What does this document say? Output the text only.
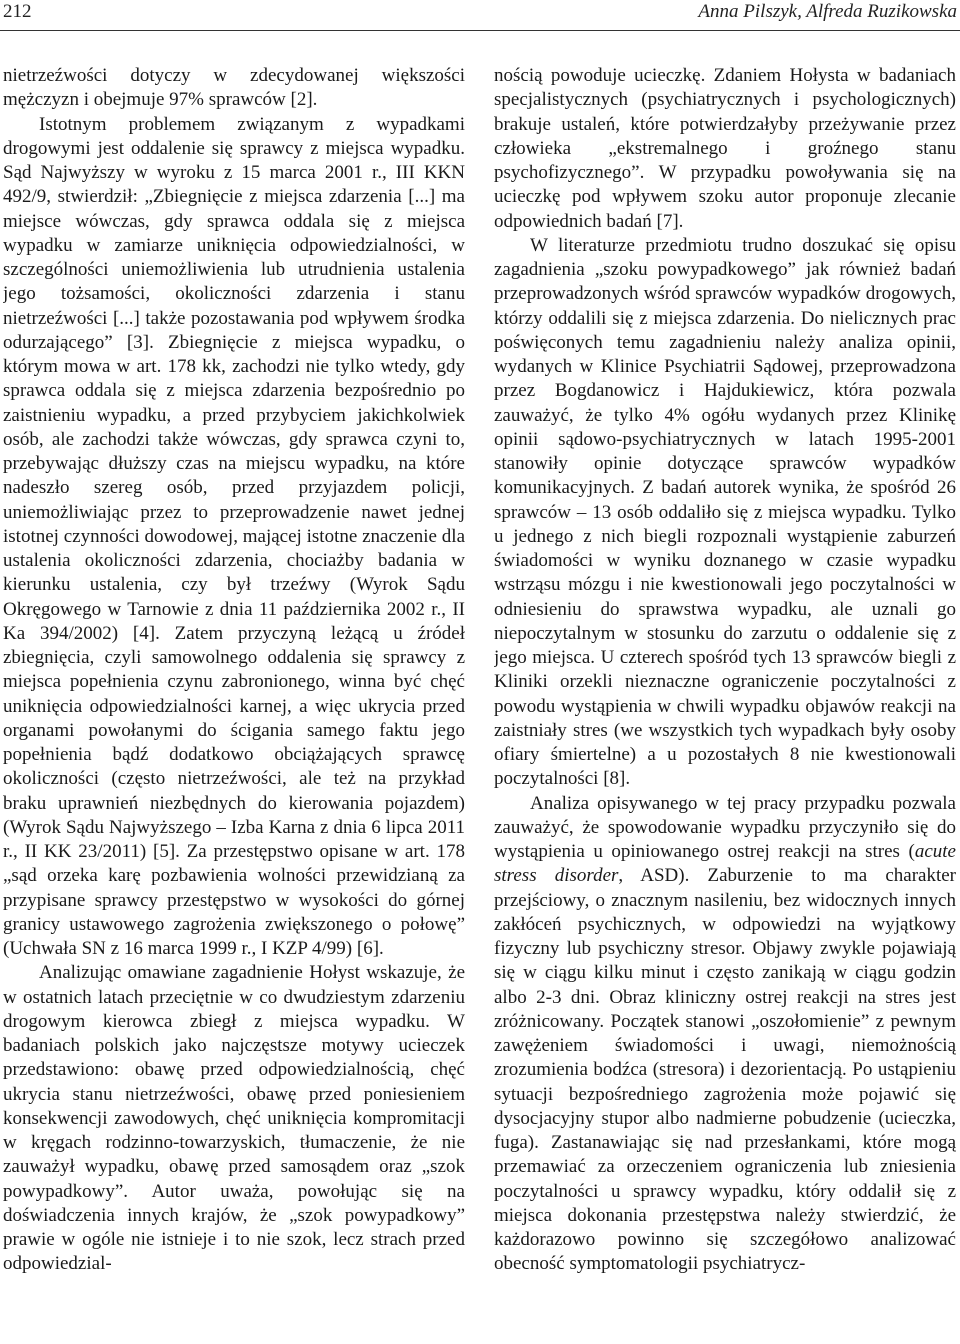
212	Anna Pilszyk, Alfreda Ruzikowska

nietrzeźwości dotyczy w zdecydowanej większości mężczyzn i obejmuje 97% sprawców [2].

Istotnym problemem związanym z wypadkami drogowymi jest oddalenie się sprawcy z miejsca wypadku. Sąd Najwyższy w wyroku z 15 marca 2001 r., III KKN 492/9, stwierdził: „Zbiegnięcie z miejsca zdarzenia [...] ma miejsce wówczas, gdy sprawca oddala się z miejsca wypadku w zamiarze uniknięcia odpowiedzialności, w szczególności uniemożliwienia lub utrudnienia ustalenia jego tożsamości, okoliczności zdarzenia i stanu nietrzeźwości [...] także pozostawania pod wpływem środka odurzającego” [3]. Zbiegnięcie z miejsca wypadku, o którym mowa w art. 178 kk, zachodzi nie tylko wtedy, gdy sprawca oddala się z miejsca zdarzenia bezpośrednio po zaistnieniu wypadku, a przed przybyciem jakichkolwiek osób, ale zachodzi także wówczas, gdy sprawca czyni to, przebywając dłuższy czas na miejscu wypadku, na które nadeszło szereg osób, przed przyjazdem policji, uniemożliwiając przez to przeprowadzenie nawet jednej istotnej czynności dowodowej, mającej istotne znaczenie dla ustalenia okoliczności zdarzenia, chociażby badania w kierunku ustalenia, czy był trzeźwy (Wyrok Sądu Okręgowego w Tarnowie z dnia 11 października 2002 r., II Ka 394/2002) [4]. Zatem przyczyną leżącą u źródeł zbiegnięcia, czyli samowolnego oddalenia się sprawcy z miejsca popełnienia czynu zabronionego, winna być chęć uniknięcia odpowiedzialności karnej, a więc ukrycia przed organami powołanymi do ścigania samego faktu jego popełnienia bądź dodatkowo obciążających sprawcę okoliczności (często nietrzeźwości, ale też na przykład braku uprawnień niezbędnych do kierowania pojazdem) (Wyrok Sądu Najwyższego – Izba Karna z dnia 6 lipca 2011 r., II KK 23/2011) [5]. Za przestępstwo opisane w art. 178 „sąd orzeka karę pozbawienia wolności przewidzianą za przypisane sprawcy przestępstwo w wysokości do górnej granicy ustawowego zagrożenia zwiększonego o połowę” (Uchwała SN z 16 marca 1999 r., I KZP 4/99) [6].

Analizując omawiane zagadnienie Hołyst wskazuje, że w ostatnich latach przeciętnie w co dwudziestym zdarzeniu drogowym kierowca zbiegł z miejsca wypadku. W badaniach polskich jako najczęstsze motywy ucieczek przedstawiono: obawę przed odpowiedzialnością, chęć ukrycia stanu nietrzeźwości, obawę przed poniesieniem konsekwencji zawodowych, chęć uniknięcia kompromitacji w kręgach rodzinno-towarzyskich, tłumaczenie, że nie zauważył wypadku, obawę przed samosądem oraz „szok powypadkowy”. Autor uważa, powołując się na doświadczenia innych krajów, że „szok powypadkowy” prawie w ogóle nie istnieje i to nie szok, lecz strach przed odpowiedzial-

nością powoduje ucieczkę. Zdaniem Hołysta w badaniach specjalistycznych (psychiatrycznych i psychologicznych) brakuje ustaleń, które potwierdzałyby przeżywanie przez człowieka „ekstremalnego i groźnego stanu psychofizycznego”. W przypadku powoływania się na ucieczkę pod wpływem szoku autor proponuje zlecanie odpowiednich badań [7].

W literaturze przedmiotu trudno doszukać się opisu zagadnienia „szoku powypadkowego” jak również badań przeprowadzonych wśród sprawców wypadków drogowych, którzy oddalili się z miejsca zdarzenia. Do nielicznych prac poświęconych temu zagadnieniu należy analiza opinii, wydanych w Klinice Psychiatrii Sądowej, przeprowadzona przez Bogdanowicz i Hajdukiewicz, która pozwala zauważyć, że tylko 4% ogółu wydanych przez Klinikę opinii sądowo-psychiatrycznych w latach 1995-2001 stanowiły opinie dotyczące sprawców wypadków komunikacyjnych. Z badań autorek wynika, że spośród 26 sprawców – 13 osób oddaliło się z miejsca wypadku. Tylko u jednego z nich biegli rozpoznali wystąpienie zaburzeń świadomości w wyniku doznanego w czasie wypadku wstrząsu mózgu i nie kwestionowali jego poczytalności w odniesieniu do sprawstwa wypadku, ale uznali go niepoczytalnym w stosunku do zarzutu o oddalenie się z jego miejsca. U czterech spośród tych 13 sprawców biegli z Kliniki orzekli nieznaczne ograniczenie poczytalności z powodu wystąpienia w chwili wypadku objawów reakcji na zaistniały stres (we wszystkich tych wypadkach były osoby ofiary śmiertelne) a u pozostałych 8 nie kwestionowali poczytalności [8].

Analiza opisywanego w tej pracy przypadku pozwala zauważyć, że spowodowanie wypadku przyczyniło się do wystąpienia u opiniowanego ostrej reakcji na stres (acute stress disorder, ASD). Zaburzenie to ma charakter przejściowy, o znacznym nasileniu, bez widocznych innych zakłóceń psychicznych, w odpowiedzi na wyjątkowy fizyczny lub psychiczny stresor. Objawy zwykle pojawiają się w ciągu kilku minut i często zanikają w ciągu godzin albo 2-3 dni. Obraz kliniczny ostrej reakcji na stres jest zróżnicowany. Początek stanowi „oszołomienie” z pewnym zawężeniem świadomości i uwagi, niemożnością zrozumienia bodźca (stresora) i dezorientacją. Po ustąpieniu sytuacji bezpośredniego zagrożenia może pojawić się dysocjacyjny stupor albo nadmierne pobudzenie (ucieczka, fuga). Zastanawiając się nad przesłankami, które mogą przemawiać za orzeczeniem ograniczenia lub zniesienia poczytalności u sprawcy wypadku, który oddalił się z miejsca dokonania przestępstwa należy stwierdzić, że każdorazowo powinno się szczegółowo analizować obecność symptomatologii psychiatrycz-
